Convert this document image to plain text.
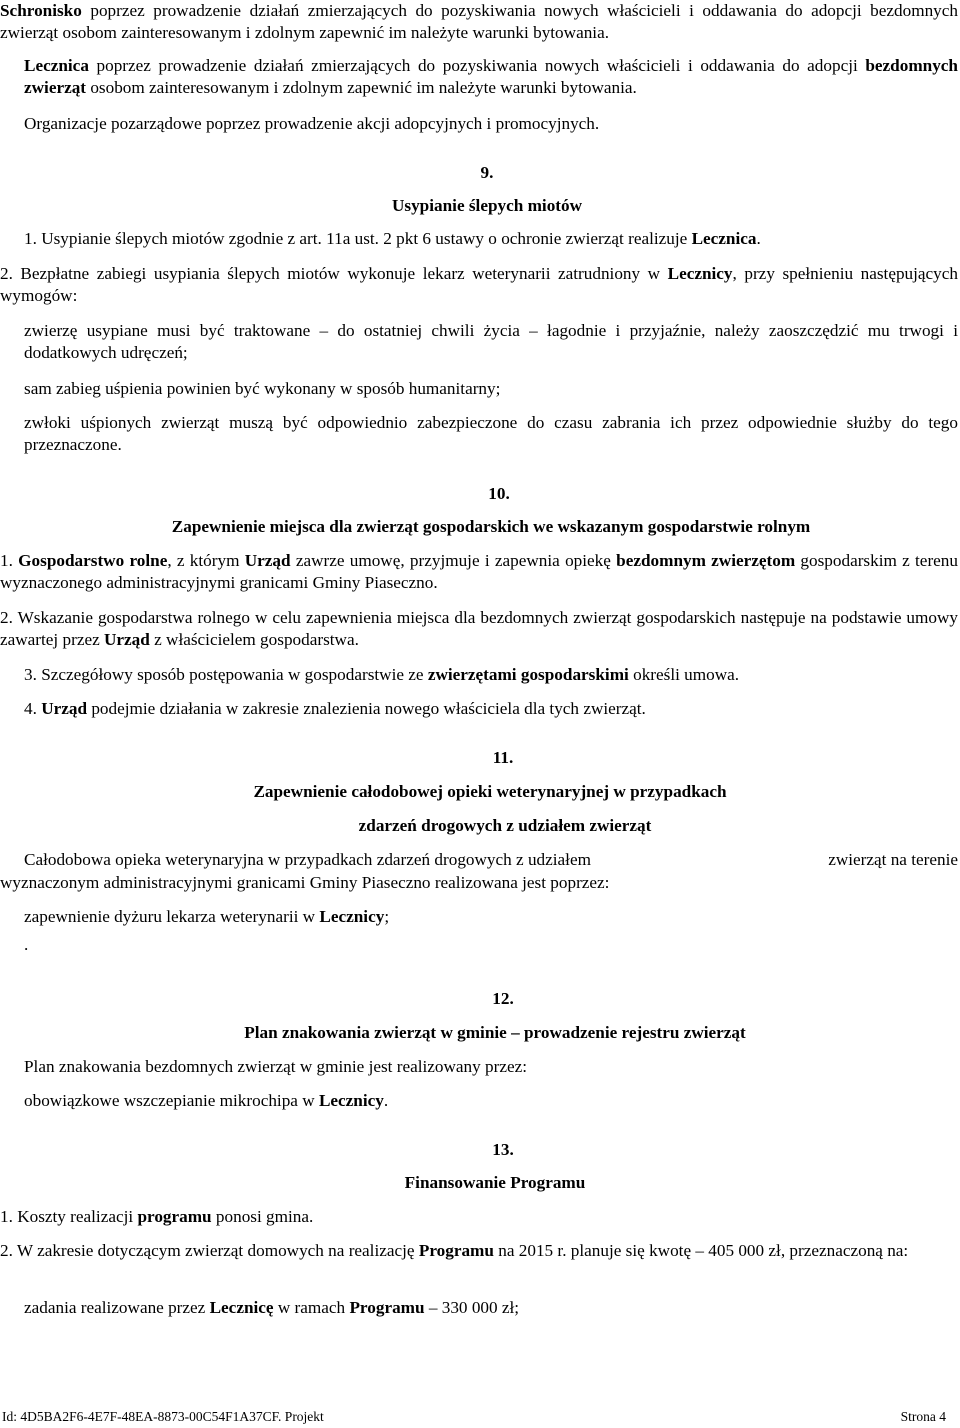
Schronisko poprzez prowadzenie działań zmierzających do pozyskiwania nowych właścicieli i oddawania do adopcji bezdomnych zwierząt osobom zainteresowanym i zdolnym zapewnić im należyte warunki bytowania.

Lecznica poprzez prowadzenie działań zmierzających do pozyskiwania nowych właścicieli i oddawania do adopcji bezdomnych zwierząt osobom zainteresowanym i zdolnym zapewnić im należyte warunki bytowania.

Organizacje pozarządowe poprzez prowadzenie akcji adopcyjnych i promocyjnych.

9.

Usypianie ślepych miotów

1. Usypianie ślepych miotów zgodnie z art. 11a ust. 2 pkt 6 ustawy o ochronie zwierząt realizuje Lecznica.

2. Bezpłatne zabiegi usypiania ślepych miotów wykonuje lekarz weterynarii zatrudniony w Lecznicy, przy spełnieniu następujących wymogów:

zwierzę usypiane musi być traktowane – do ostatniej chwili życia – łagodnie i przyjaźnie, należy zaoszczędzić mu trwogi i dodatkowych udręczeń;

sam zabieg uśpienia powinien być wykonany w sposób humanitarny;

zwłoki uśpionych zwierząt muszą być odpowiednio zabezpieczone do czasu zabrania ich przez odpowiednie służby do tego przeznaczone.

10.

Zapewnienie miejsca dla zwierząt gospodarskich we wskazanym gospodarstwie rolnym

1. Gospodarstwo rolne, z którym Urząd zawrze umowę, przyjmuje i zapewnia opiekę bezdomnym zwierzętom gospodarskim z terenu wyznaczonego administracyjnymi granicami Gminy Piaseczno.

2. Wskazanie gospodarstwa rolnego w celu zapewnienia miejsca dla bezdomnych zwierząt gospodarskich następuje na podstawie umowy zawartej przez Urząd z właścicielem gospodarstwa.

3. Szczegółowy sposób postępowania w gospodarstwie ze zwierzętami gospodarskimi określi umowa.

4. Urząd podejmie działania w zakresie znalezienia nowego właściciela dla tych zwierząt.

11.

Zapewnienie całodobowej opieki weterynaryjnej w przypadkach

zdarzeń drogowych z udziałem zwierząt

Całodobowa opieka weterynaryjna w przypadkach zdarzeń drogowych z udziałem	zwierząt na terenie

wyznaczonym administracyjnymi granicami Gminy Piaseczno realizowana jest poprzez:

zapewnienie dyżuru lekarza weterynarii w Lecznicy;

.

12.

Plan znakowania zwierząt w gminie – prowadzenie rejestru zwierząt

Plan znakowania bezdomnych zwierząt w gminie jest realizowany przez:

obowiązkowe wszczepianie mikrochipa w Lecznicy.

13.

Finansowanie Programu

1. Koszty realizacji programu ponosi gmina.

2. W zakresie dotyczącym zwierząt domowych na realizację Programu na 2015 r. planuje się kwotę – 405 000 zł, przeznaczoną na:

zadania realizowane przez Lecznicę w ramach Programu – 330 000 zł;

Id: 4D5BA2F6-4E7F-48EA-8873-00C54F1A37CF. Projekt	Strona 4
